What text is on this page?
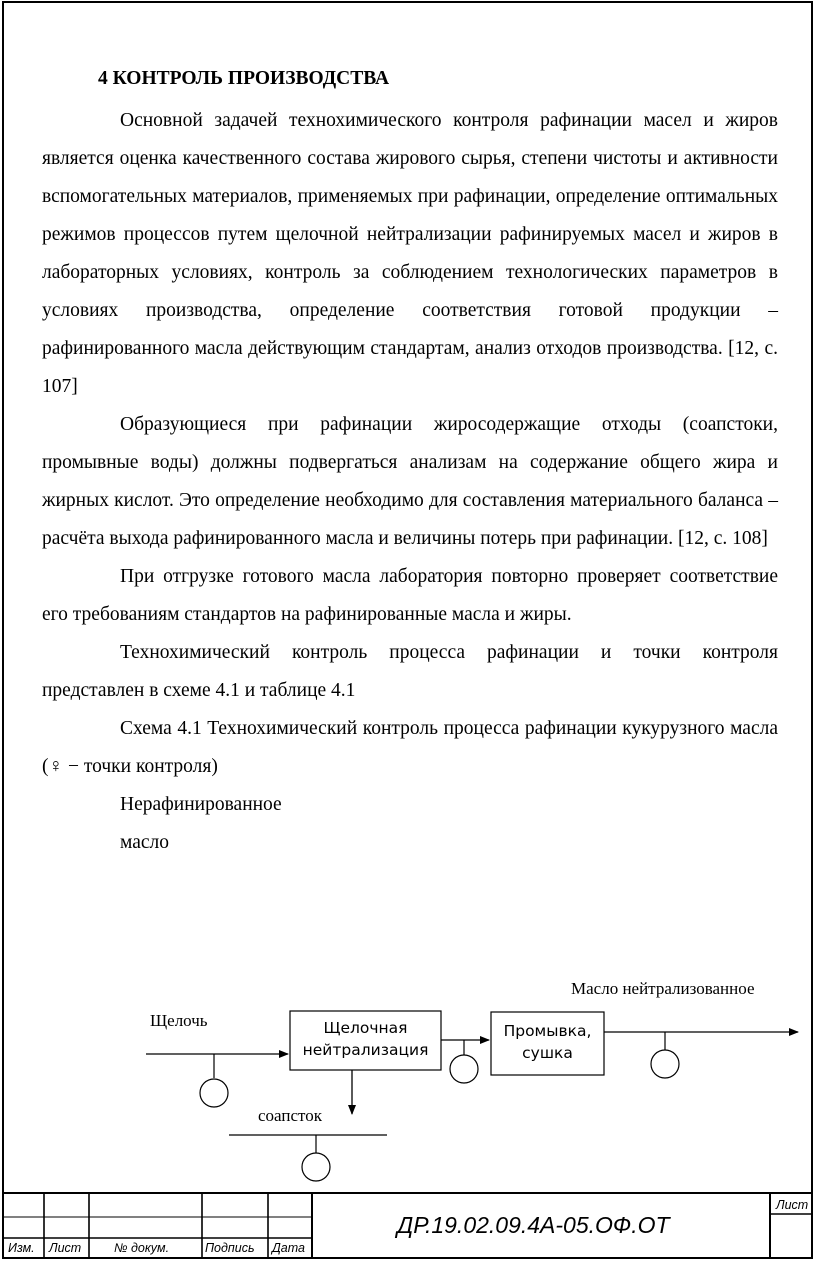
4 КОНТРОЛЬ ПРОИЗВОДСТВА

Основной задачей технохимического контроля рафинации масел и жиров является оценка качественного состава жирового сырья, степени чистоты и активности вспомогательных материалов, применяемых при рафинации, определение оптимальных режимов процессов путем щелочной нейтрализации рафинируемых масел и жиров в лабораторных условиях, контроль за соблюдением технологических параметров в условиях производства, определение соответствия готовой продукции – рафинированного масла действующим стандартам, анализ отходов производства. [12, с. 107]

Образующиеся при рафинации жиросодержащие отходы (соапстоки, промывные воды) должны подвергаться анализам на содержание общего жира и жирных кислот. Это определение необходимо для составления материального баланса – расчёта выхода рафинированного масла и величины потерь при рафинации. [12, с. 108]

При отгрузке готового масла лаборатория повторно проверяет соответствие его требованиям стандартов на рафинированные масла и жиры.

Технохимический контроль процесса рафинации и точки контроля представлен в схеме 4.1 и таблице 4.1

Схема 4.1 Технохимический контроль процесса рафинации кукурузного масла (♀ − точки контроля)

Нерафинированное

масло

Щелочь	Щелочная
нейтрализация
Промывка,
сушка
Масло нейтрализованное
соапсток
Изм. Лист	№ докум.	Подпись Дата
Лист
ДР.19.02.09.4А-05.ОФ.ОТ
